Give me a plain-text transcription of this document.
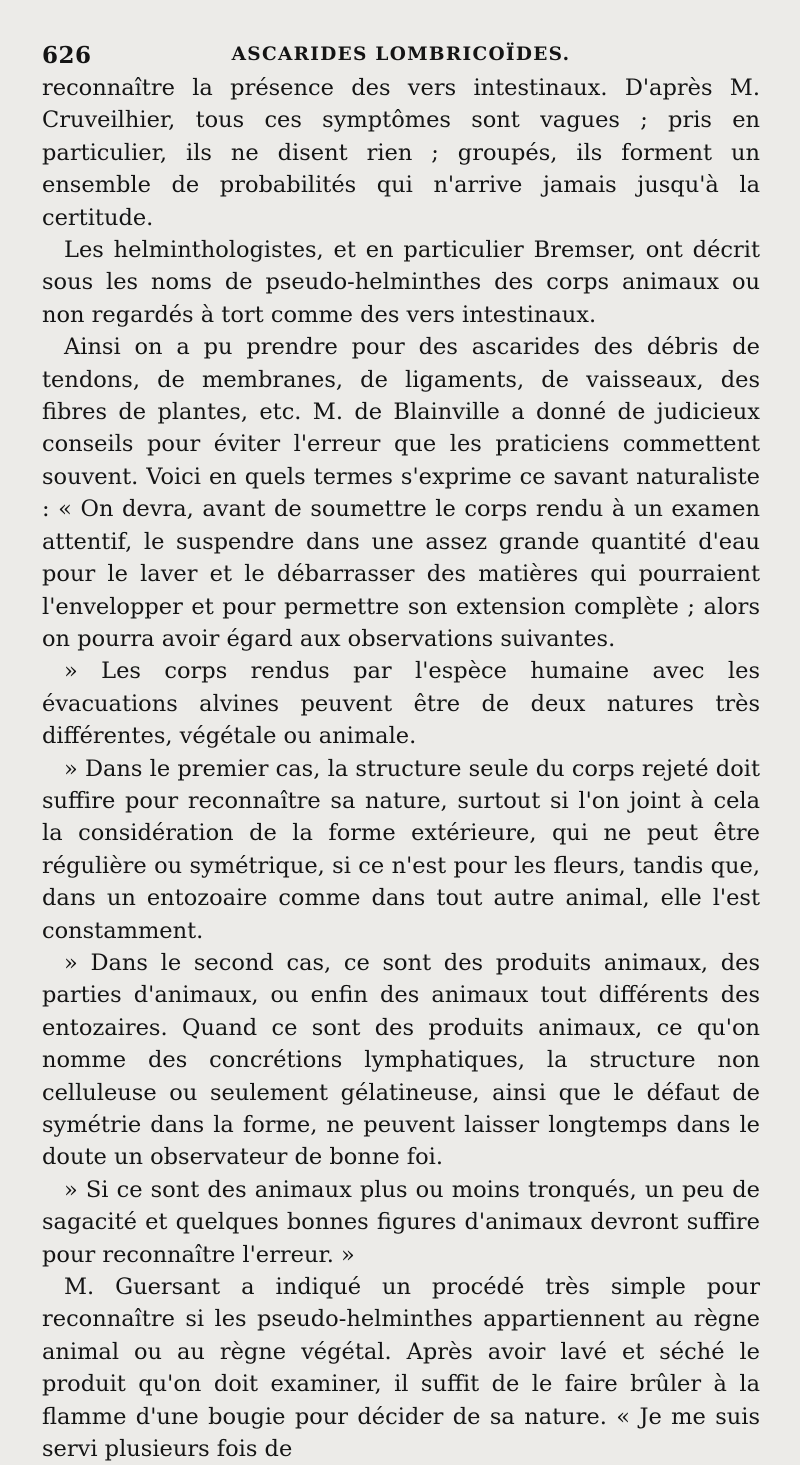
626	ASCARIDES LOMBRICOÏDES.

reconnaître la présence des vers intestinaux. D'après M. Cruveilhier, tous ces symptômes sont vagues ; pris en particulier, ils ne disent rien ; groupés, ils forment un ensemble de probabilités qui n'arrive jamais jusqu'à la certitude.

Les helminthologistes, et en particulier Bremser, ont décrit sous les noms de pseudo-helminthes des corps animaux ou non regardés à tort comme des vers intestinaux.

Ainsi on a pu prendre pour des ascarides des débris de tendons, de membranes, de ligaments, de vaisseaux, des fibres de plantes, etc. M. de Blainville a donné de judicieux conseils pour éviter l'erreur que les praticiens commettent souvent. Voici en quels termes s'exprime ce savant naturaliste : « On devra, avant de soumettre le corps rendu à un examen attentif, le suspendre dans une assez grande quantité d'eau pour le laver et le débarrasser des matières qui pourraient l'envelopper et pour permettre son extension complète ; alors on pourra avoir égard aux observations suivantes.

» Les corps rendus par l'espèce humaine avec les évacuations alvines peuvent être de deux natures très différentes, végétale ou animale.

» Dans le premier cas, la structure seule du corps rejeté doit suffire pour reconnaître sa nature, surtout si l'on joint à cela la considération de la forme extérieure, qui ne peut être régulière ou symétrique, si ce n'est pour les fleurs, tandis que, dans un entozoaire comme dans tout autre animal, elle l'est constamment.

» Dans le second cas, ce sont des produits animaux, des parties d'animaux, ou enfin des animaux tout différents des entozaires. Quand ce sont des produits animaux, ce qu'on nomme des concrétions lymphatiques, la structure non celluleuse ou seulement gélatineuse, ainsi que le défaut de symétrie dans la forme, ne peuvent laisser longtemps dans le doute un observateur de bonne foi.

» Si ce sont des animaux plus ou moins tronqués, un peu de sagacité et quelques bonnes figures d'animaux devront suffire pour reconnaître l'erreur. »

M. Guersant a indiqué un procédé très simple pour reconnaître si les pseudo-helminthes appartiennent au règne animal ou au règne végétal. Après avoir lavé et séché le produit qu'on doit examiner, il suffit de le faire brûler à la flamme d'une bougie pour décider de sa nature. « Je me suis servi plusieurs fois de
